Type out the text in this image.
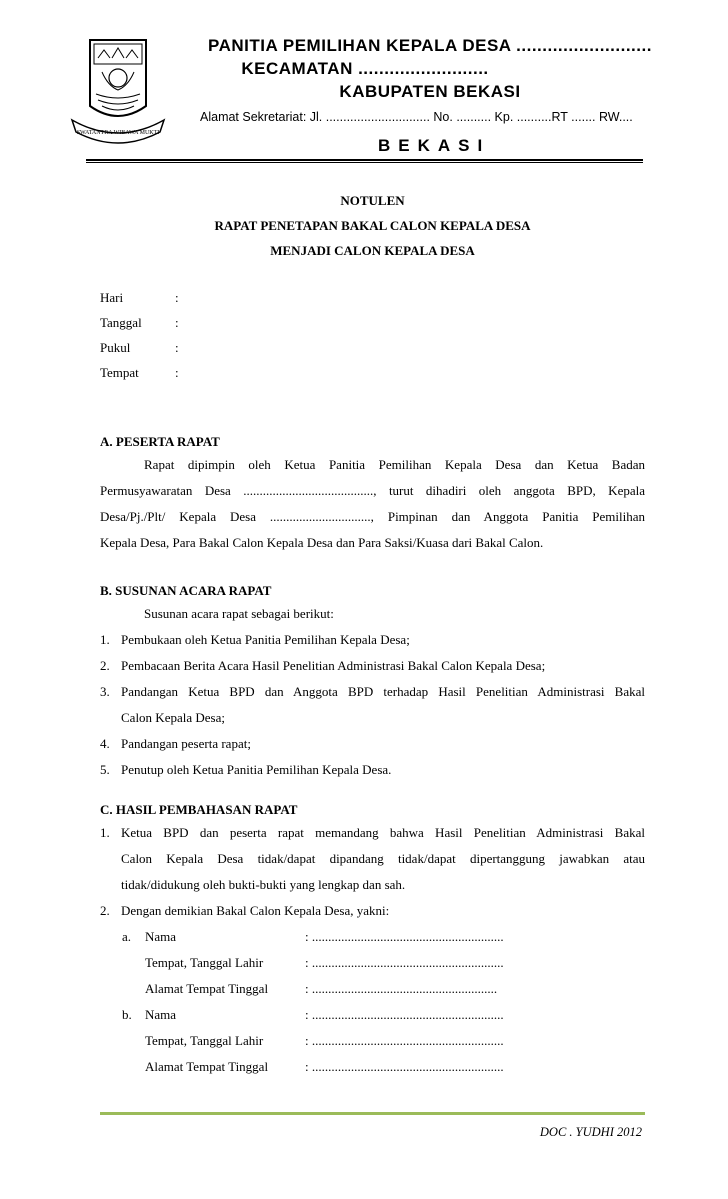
SWATANTRA WIBAWA MUKTI
PANITIA PEMILIHAN KEPALA DESA ..........................
KECAMATAN .........................
KABUPATEN BEKASI
Alamat Sekretariat: Jl. .............................. No. .......... Kp. ..........RT ....... RW....
BEKASI
NOTULEN
RAPAT PENETAPAN BAKAL CALON KEPALA DESA
MENJADI CALON KEPALA DESA
Hari	:
Tanggal	:
Pukul	:
Tempat	:
A. PESERTA RAPAT
Rapat dipimpin oleh Ketua Panitia Pemilihan Kepala Desa dan Ketua Badan
Permusyawaratan Desa ........................................, turut dihadiri oleh anggota BPD, Kepala
Desa/Pj./Plt/ Kepala Desa ..............................., Pimpinan dan Anggota Panitia Pemilihan
Kepala Desa, Para Bakal Calon Kepala Desa dan Para Saksi/Kuasa dari Bakal Calon.
B. SUSUNAN ACARA RAPAT
Susunan acara rapat sebagai berikut:
1. Pembukaan oleh Ketua Panitia Pemilihan Kepala Desa;
2. Pembacaan Berita Acara Hasil Penelitian Administrasi Bakal Calon Kepala Desa;
3. Pandangan Ketua BPD dan Anggota BPD terhadap Hasil Penelitian Administrasi Bakal
Calon Kepala Desa;
4. Pandangan peserta rapat;
5. Penutup oleh Ketua Panitia Pemilihan Kepala Desa.
C. HASIL PEMBAHASAN RAPAT
1. Ketua BPD dan peserta rapat memandang bahwa Hasil Penelitian Administrasi Bakal
Calon Kepala Desa tidak/dapat dipandang tidak/dapat dipertanggung jawabkan atau
tidak/didukung oleh bukti-bukti yang lengkap dan sah.
2. Dengan demikian Bakal Calon Kepala Desa, yakni:
a. Nama	: ...........................................................
Tempat, Tanggal Lahir	: ...........................................................
Alamat Tempat Tinggal	: .........................................................
b. Nama	: ...........................................................
Tempat, Tanggal Lahir	: ...........................................................
Alamat Tempat Tinggal	: ...........................................................
DOC . YUDHI 2012
